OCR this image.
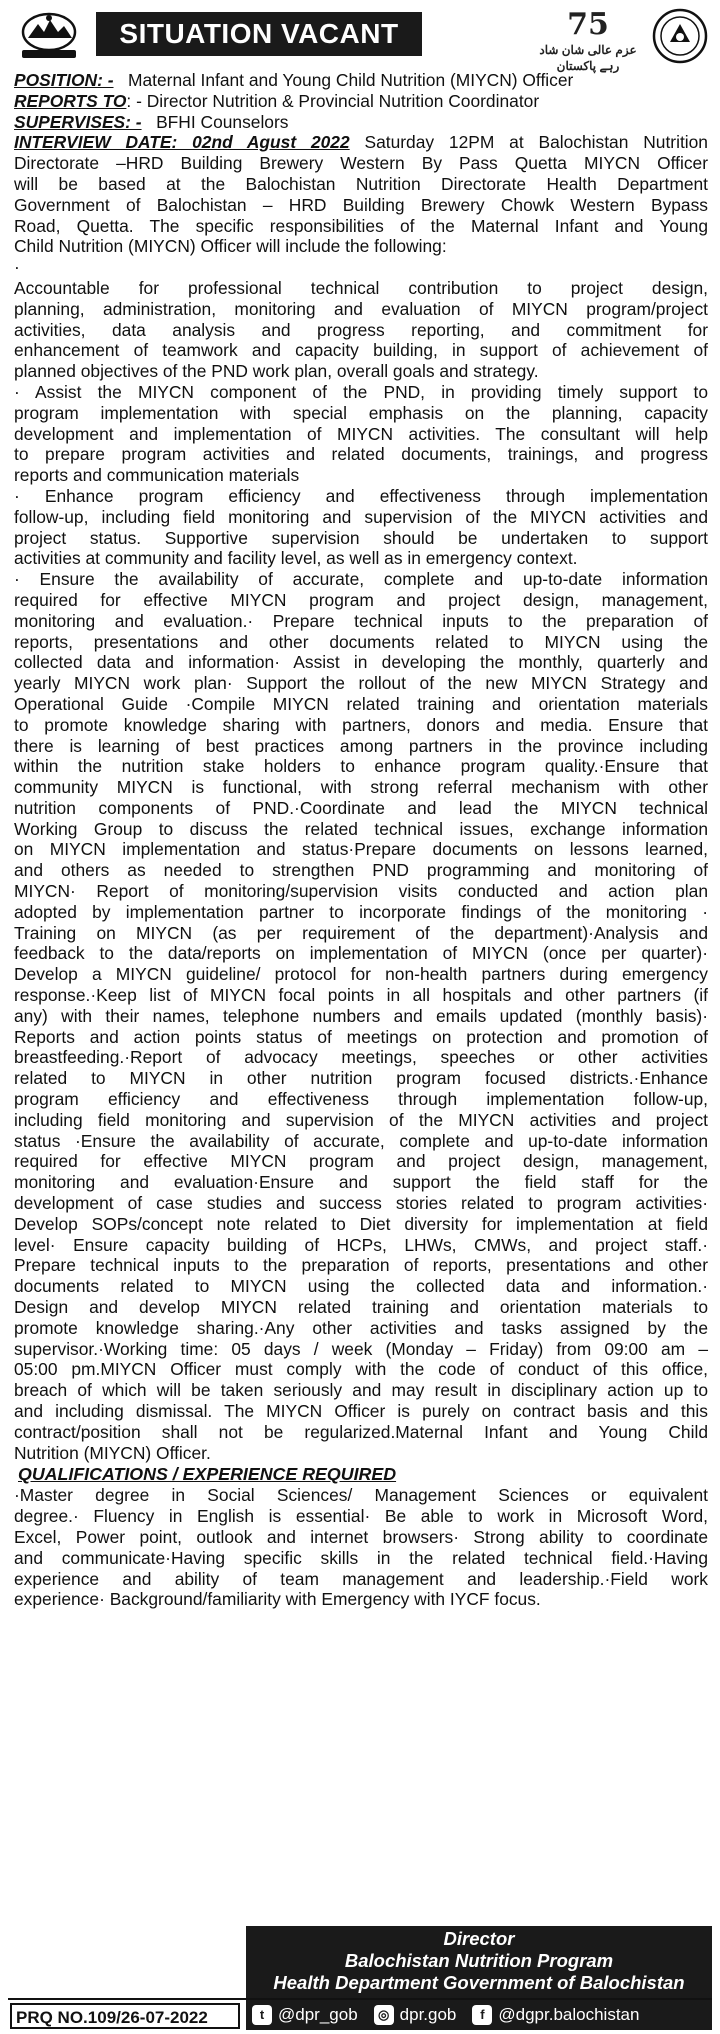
SITUATION VACANT	75
عزم عالی شان شاد رہے پاکستان
POSITION: - Maternal Infant and Young Child Nutrition (MIYCN) Officer
REPORTS TO: - Director Nutrition & Provincial Nutrition Coordinator
SUPERVISES: - BFHI Counselors
INTERVIEW DATE: 02nd Agust 2022 Saturday 12PM at Balochistan Nutrition
Directorate –HRD Building Brewery Western By Pass Quetta MIYCN Officer
will be based at the Balochistan Nutrition Directorate Health Department
Government of Balochistan – HRD Building Brewery Chowk Western Bypass
Road, Quetta. The specific responsibilities of the Maternal Infant and Young
Child Nutrition (MIYCN) Officer will include the following:
·
Accountable for professional technical contribution to project design,
planning, administration, monitoring and evaluation of MIYCN program/project
activities, data analysis and progress reporting, and commitment for
enhancement of teamwork and capacity building, in support of achievement of
planned objectives of the PND work plan, overall goals and strategy.
· Assist the MIYCN component of the PND, in providing timely support to
program implementation with special emphasis on the planning, capacity
development and implementation of MIYCN activities. The consultant will help
to prepare program activities and related documents, trainings, and progress
reports and communication materials
· Enhance program efficiency and effectiveness through implementation
follow-up, including field monitoring and supervision of the MIYCN activities and
project status. Supportive supervision should be undertaken to support
activities at community and facility level, as well as in emergency context.
· Ensure the availability of accurate, complete and up-to-date information
required for effective MIYCN program and project design, management,
monitoring and evaluation.· Prepare technical inputs to the preparation of
reports, presentations and other documents related to MIYCN using the
collected data and information· Assist in developing the monthly, quarterly and
yearly MIYCN work plan· Support the rollout of the new MIYCN Strategy and
Operational Guide ·Compile MIYCN related training and orientation materials
to promote knowledge sharing with partners, donors and media. Ensure that
there is learning of best practices among partners in the province including
within the nutrition stake holders to enhance program quality.·Ensure that
community MIYCN is functional, with strong referral mechanism with other
nutrition components of PND.·Coordinate and lead the MIYCN technical
Working Group to discuss the related technical issues, exchange information
on MIYCN implementation and status·Prepare documents on lessons learned,
and others as needed to strengthen PND programming and monitoring of
MIYCN· Report of monitoring/supervision visits conducted and action plan
adopted by implementation partner to incorporate findings of the monitoring ·
Training on MIYCN (as per requirement of the department)·Analysis and
feedback to the data/reports on implementation of MIYCN (once per quarter)·
Develop a MIYCN guideline/ protocol for non-health partners during emergency
response.·Keep list of MIYCN focal points in all hospitals and other partners (if
any) with their names, telephone numbers and emails updated (monthly basis)·
Reports and action points status of meetings on protection and promotion of
breastfeeding.·Report of advocacy meetings, speeches or other activities
related to MIYCN in other nutrition program focused districts.·Enhance
program efficiency and effectiveness through implementation follow-up,
including field monitoring and supervision of the MIYCN activities and project
status ·Ensure the availability of accurate, complete and up-to-date information
required for effective MIYCN program and project design, management,
monitoring and evaluation·Ensure and support the field staff for the
development of case studies and success stories related to program activities·
Develop SOPs/concept note related to Diet diversity for implementation at field
level· Ensure capacity building of HCPs, LHWs, CMWs, and project staff.·
Prepare technical inputs to the preparation of reports, presentations and other
documents related to MIYCN using the collected data and information.·
Design and develop MIYCN related training and orientation materials to
promote knowledge sharing.·Any other activities and tasks assigned by the
supervisor.·Working time: 05 days / week (Monday – Friday) from 09:00 am –
05:00 pm.MIYCN Officer must comply with the code of conduct of this office,
breach of which will be taken seriously and may result in disciplinary action up to
and including dismissal. The MIYCN Officer is purely on contract basis and this
contract/position shall not be regularized.Maternal Infant and Young Child
Nutrition (MIYCN) Officer.
QUALIFICATIONS / EXPERIENCE REQUIRED
·Master degree in Social Sciences/ Management Sciences or equivalent
degree.· Fluency in English is essential· Be able to work in Microsoft Word,
Excel, Power point, outlook and internet browsers· Strong ability to coordinate
and communicate·Having specific skills in the related technical field.·Having
experience and ability of team management and leadership.·Field work
experience· Background/familiarity with Emergency with IYCF focus.
Director
Balochistan Nutrition Program
Health Department Government of Balochistan
PRQ NO.109/26-07-2022	t @dpr_gob	◎ dpr.gob	f @dgpr.balochistan
